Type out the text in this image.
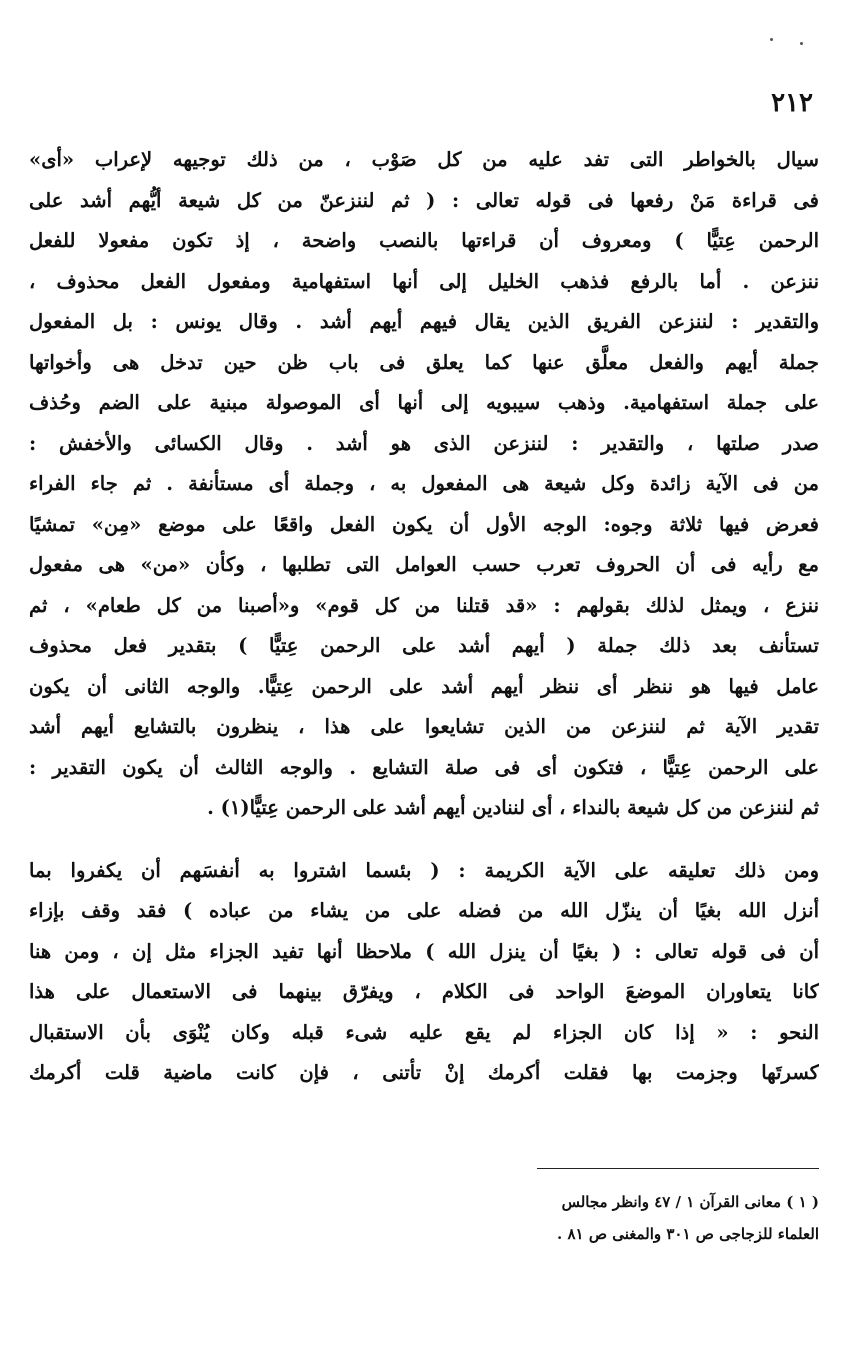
٢١٢
سيال بالخواطر التى تفد عليه من كل صَوْب ، من ذلك توجيهه لإعراب «أى»
فى قراءة مَنْ رفعها فى قوله تعالى : ( ثم لننزعنّ من كل شيعة أيُّهم أشد على
الرحمن عِتيًّا ) ومعروف أن قراءتها بالنصب واضحة ، إذ تكون مفعولا للفعل
ننزعن . أما بالرفع فذهب الخليل إلى أنها استفهامية ومفعول الفعل محذوف ،
والتقدير : لننزعن الفريق الذين يقال فيهم أيهم أشد . وقال يونس : بل المفعول
جملة أيهم والفعل معلَّق عنها كما يعلق فى باب ظن حين تدخل هى وأخواتها
على جملة استفهامية. وذهب سيبويه إلى أنها أى الموصولة مبنية على الضم وحُذف
صدر صلتها ، والتقدير : لننزعن الذى هو أشد . وقال الكسائى والأخفش :
من فى الآية زائدة وكل شيعة هى المفعول به ، وجملة أى مستأنفة . ثم جاء الفراء
فعرض فيها ثلاثة وجوه: الوجه الأول أن يكون الفعل واقعًا على موضع «مِن» تمشيًا
مع رأيه فى أن الحروف تعرب حسب العوامل التى تطلبها ، وكأن «من» هى مفعول
ننزع ، ويمثل لذلك بقولهم : «قد قتلنا من كل قوم» و«أصبنا من كل طعام» ، ثم
تستأنف بعد ذلك جملة ( أيهم أشد على الرحمن عِتيًّا ) بتقدير فعل محذوف
عامل فيها هو ننظر أى ننظر أيهم أشد على الرحمن عِتيًّا. والوجه الثانى أن يكون
تقدير الآية ثم لننزعن من الذين تشايعوا على هذا ، ينظرون بالتشايع أيهم أشد
على الرحمن عِتيًّا ، فتكون أى فى صلة التشايع . والوجه الثالث أن يكون التقدير :
ثم لننزعن من كل شيعة بالنداء ، أى لننادين أيهم أشد على الرحمن عِتيًّا(١) .
ومن ذلك تعليقه على الآية الكريمة : ( بئسما اشتروا به أنفسَهم أن يكفروا بما
أنزل الله بغيًا أن ينزّل الله من فضله على من يشاء من عباده ) فقد وقف بإزاء
أن فى قوله تعالى : ( بغيًا أن ينزل الله ) ملاحظا أنها تفيد الجزاء مثل إن ، ومن هنا
كانا يتعاوران الموضعَ الواحد فى الكلام ، ويفرّق بينهما فى الاستعمال على هذا
النحو : « إذا كان الجزاء لم يقع عليه شىء قبله وكان يُنْوَى بأن الاستقبال
كسرتَها وجزمت بها فقلت أكرمك إنْ تأتنى ، فإن كانت ماضية قلت أكرمك
( ١ ) معانى القرآن ١ / ٤٧ وانظر مجالس
العلماء للزجاجى ص ٣٠١ والمغنى ص ٨١ .
